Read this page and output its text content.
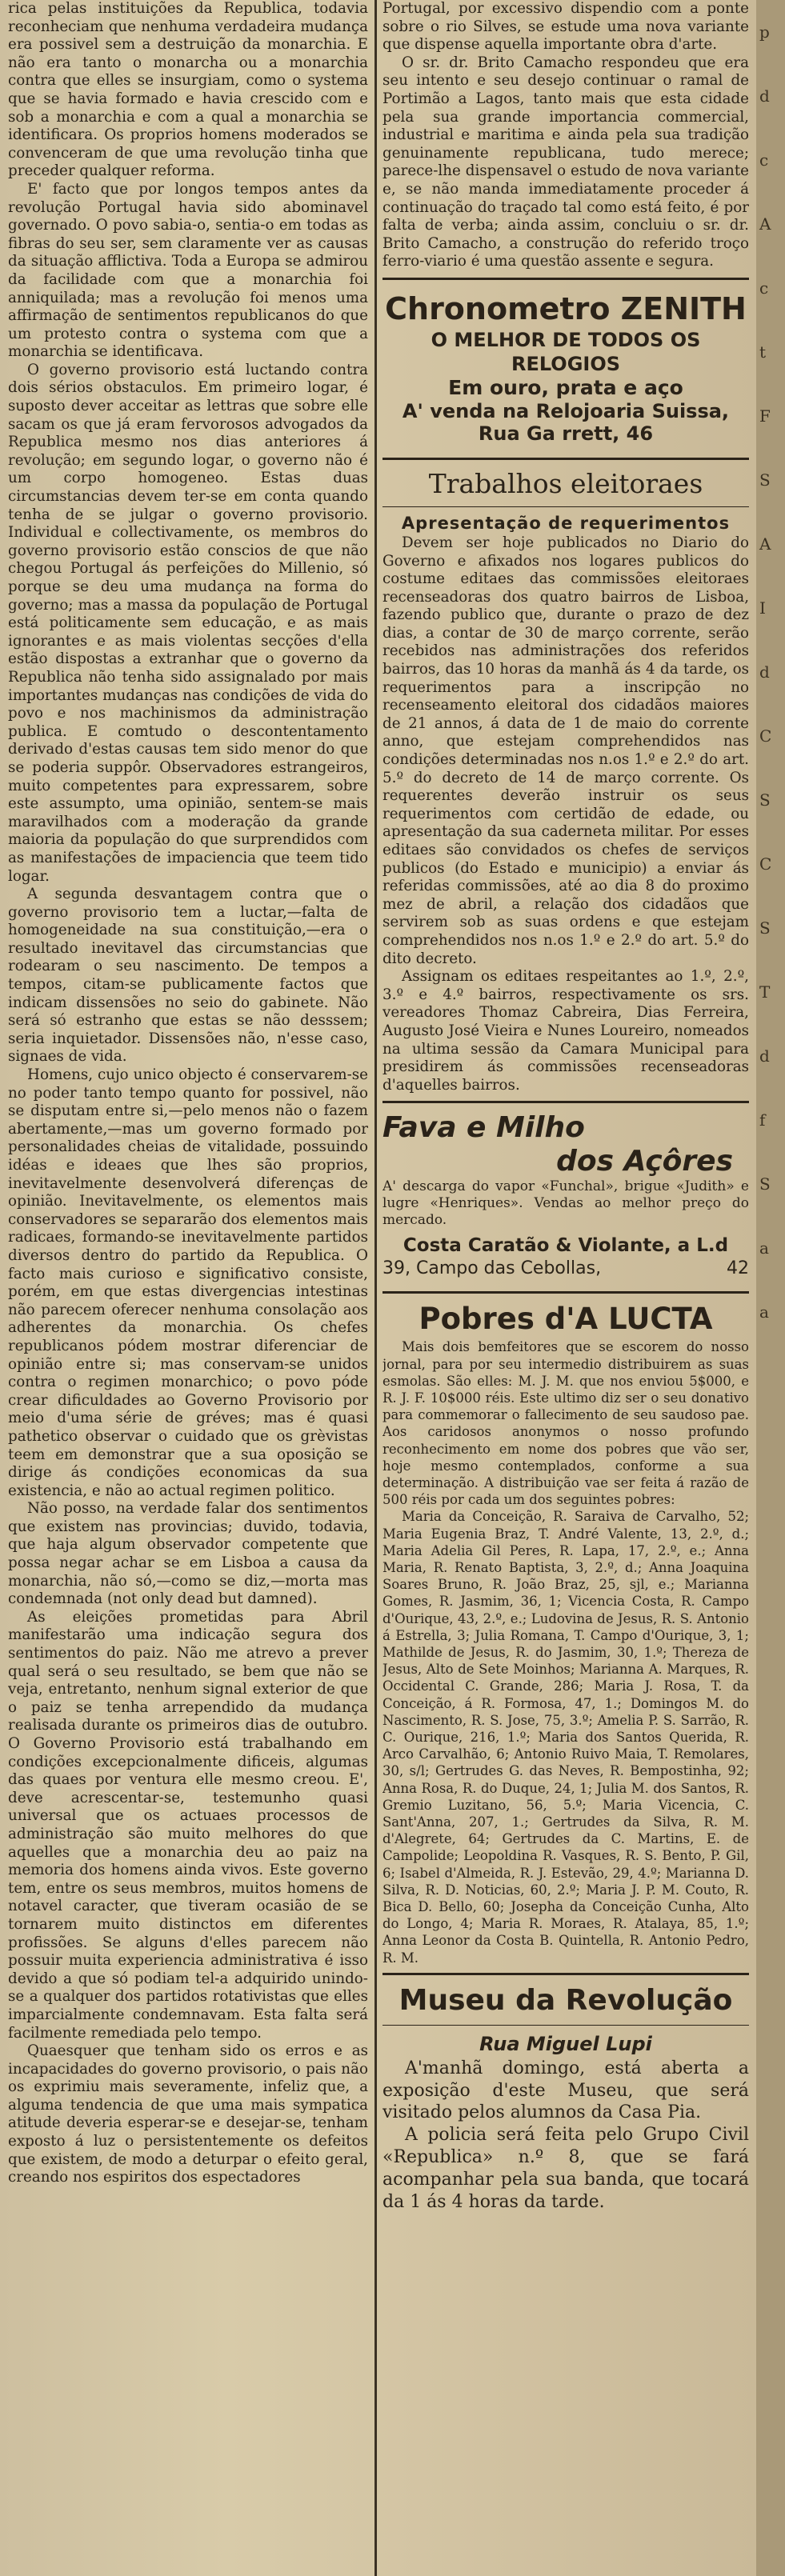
rica pelas instituições da Republica, todavia reconheciam que nenhuma verdadeira mudança era possivel sem a destruição da monarchia. E não era tanto o monarcha ou a monarchia contra que elles se insurgiam, como o systema que se havia formado e havia crescido com e sob a monarchia e com a qual a monarchia se identificara. Os proprios homens moderados se convenceram de que uma revolução tinha que preceder qualquer reforma.

E' facto que por longos tempos antes da revolução Portugal havia sido abominavel governado. O povo sabia-o, sentia-o em todas as fibras do seu ser, sem claramente ver as causas da situação afflictiva. Toda a Europa se admirou da facilidade com que a monarchia foi anniquilada; mas a revolução foi menos uma affirmação de sentimentos republicanos do que um protesto contra o systema com que a monarchia se identificava.

O governo provisorio está luctando contra dois sérios obstaculos. Em primeiro logar, é suposto dever acceitar as lettras que sobre elle sacam os que já eram fervorosos advogados da Republica mesmo nos dias anteriores á revolução; em segundo logar, o governo não é um corpo homogeneo. Estas duas circumstancias devem ter-se em conta quando tenha de se julgar o governo provisorio. Individual e collectivamente, os membros do governo provisorio estão conscios de que não chegou Portugal ás perfeições do Millenio, só porque se deu uma mudança na forma do governo; mas a massa da população de Portugal está politicamente sem educação, e as mais ignorantes e as mais violentas secções d'ella estão dispostas a extranhar que o governo da Republica não tenha sido assignalado por mais importantes mudanças nas condições de vida do povo e nos machinismos da administração publica. E comtudo o descontentamento derivado d'estas causas tem sido menor do que se poderia suppôr. Observadores estrangeiros, muito competentes para expressarem, sobre este assumpto, uma opinião, sentem-se mais maravilhados com a moderação da grande maioria da população do que surprendidos com as manifestações de impaciencia que teem tido logar.

A segunda desvantagem contra que o governo provisorio tem a luctar,—falta de homogeneidade na sua constituição,—era o resultado inevitavel das circumstancias que rodearam o seu nascimento. De tempos a tempos, citam-se publicamente factos que indicam dissensões no seio do gabinete. Não será só estranho que estas se não desssem; seria inquietador. Dissensões não, n'esse caso, signaes de vida.

Homens, cujo unico objecto é conservarem-se no poder tanto tempo quanto for possivel, não se disputam entre si,—pelo menos não o fazem abertamente,—mas um governo formado por personalidades cheias de vitalidade, possuindo idéas e ideaes que lhes são proprios, inevitavelmente desenvolverá diferenças de opinião. Inevitavelmente, os elementos mais conservadores se separarão dos elementos mais radicaes, formando-se inevitavelmente partidos diversos dentro do partido da Republica. O facto mais curioso e significativo consiste, porém, em que estas divergencias intestinas não parecem oferecer nenhuma consolação aos adherentes da monarchia. Os chefes republicanos pódem mostrar diferenciar de opinião entre si; mas conservam-se unidos contra o regimen monarchico; o povo póde crear dificuldades ao Governo Provisorio por meio d'uma série de gréves; mas é quasi pathetico observar o cuidado que os grèvistas teem em demonstrar que a sua oposição se dirige ás condições economicas da sua existencia, e não ao actual regimen politico.

Não posso, na verdade falar dos sentimentos que existem nas provincias; duvido, todavia, que haja algum observador competente que possa negar achar se em Lisboa a causa da monarchia, não só,—como se diz,—morta mas condemnada (not only dead but damned).

As eleições prometidas para Abril manifestarão uma indicação segura dos sentimentos do paiz. Não me atrevo a prever qual será o seu resultado, se bem que não se veja, entretanto, nenhum signal exterior de que o paiz se tenha arrependido da mudança realisada durante os primeiros dias de outubro. O Governo Provisorio está trabalhando em condições excepcionalmente dificeis, algumas das quaes por ventura elle mesmo creou. E', deve acrescentar-se, testemunho quasi universal que os actuaes processos de administração são muito melhores do que aquelles que a monarchia deu ao paiz na memoria dos homens ainda vivos. Este governo tem, entre os seus membros, muitos homens de notavel caracter, que tiveram ocasião de se tornarem muito distinctos em diferentes profissões. Se alguns d'elles parecem não possuir muita experiencia administrativa é isso devido a que só podiam tel-a adquirido unindo-se a qualquer dos partidos rotativistas que elles imparcialmente condemnavam. Esta falta será facilmente remediada pelo tempo.

Quaesquer que tenham sido os erros e as incapacidades do governo provisorio, o pais não os exprimiu mais severamente, infeliz que, a alguma tendencia de que uma mais sympatica atitude deveria esperar-se e desejar-se, tenham exposto á luz o persistentemente os defeitos que existem, de modo a deturpar o efeito geral, creando nos espiritos dos espectadores

Portugal, por excessivo dispendio com a ponte sobre o rio Silves, se estude uma nova variante que dispense aquella importante obra d'arte.

O sr. dr. Brito Camacho respondeu que era seu intento e seu desejo continuar o ramal de Portimão a Lagos, tanto mais que esta cidade pela sua grande importancia commercial, industrial e maritima e ainda pela sua tradição genuinamente republicana, tudo merece; parece-lhe dispensavel o estudo de nova variante e, se não manda immediatamente proceder á continuação do traçado tal como está feito, é por falta de verba; ainda assim, concluiu o sr. dr. Brito Camacho, a construção do referido troço ferro-viario é uma questão assente e segura.

Chronometro ZENITH
O MELHOR DE TODOS OS RELOGIOS
Em ouro, prata e aço
A' venda na Relojoaria Suissa,
Rua Ga rrett, 46
Trabalhos eleitoraes
Apresentação de requerimentos

Devem ser hoje publicados no Diario do Governo e afixados nos logares publicos do costume editaes das commissões eleitoraes recenseadoras dos quatro bairros de Lisboa, fazendo publico que, durante o prazo de dez dias, a contar de 30 de março corrente, serão recebidos nas administrações dos referidos bairros, das 10 horas da manhã ás 4 da tarde, os requerimentos para a inscripção no recenseamento eleitoral dos cidadãos maiores de 21 annos, á data de 1 de maio do corrente anno, que estejam comprehendidos nas condições determinadas nos n.os 1.º e 2.º do art. 5.º do decreto de 14 de março corrente. Os requerentes deverão instruir os seus requerimentos com certidão de edade, ou apresentação da sua caderneta militar. Por esses editaes são convidados os chefes de serviços publicos (do Estado e municipio) a enviar ás referidas commissões, até ao dia 8 do proximo mez de abril, a relação dos cidadãos que servirem sob as suas ordens e que estejam comprehendidos nos n.os 1.º e 2.º do art. 5.º do dito decreto.

Assignam os editaes respeitantes ao 1.º, 2.º, 3.º e 4.º bairros, respectivamente os srs. vereadores Thomaz Cabreira, Dias Ferreira, Augusto José Vieira e Nunes Loureiro, nomeados na ultima sessão da Camara Municipal para presidirem ás commissões recenseadoras d'aquelles bairros.

Fava e Milho
dos Açôres
A' descarga do vapor «Funchal», brigue «Judith» e lugre «Henriques». Vendas ao melhor preço do mercado.
Costa Caratão & Violante, a L.d
39, Campo das Cebollas,	42
Pobres d'A LUCTA

Mais dois bemfeitores que se escorem do nosso jornal, para por seu intermedio distribuirem as suas esmolas. São elles: M. J. M. que nos enviou 5$000, e R. J. F. 10$000 réis. Este ultimo diz ser o seu donativo para commemorar o fallecimento de seu saudoso pae. Aos caridosos anonymos o nosso profundo reconhecimento em nome dos pobres que vão ser, hoje mesmo contemplados, conforme a sua determinação. A distribuição vae ser feita á razão de 500 réis por cada um dos seguintes pobres:

Maria da Conceição, R. Saraiva de Carvalho, 52; Maria Eugenia Braz, T. André Valente, 13, 2.º, d.; Maria Adelia Gil Peres, R. Lapa, 17, 2.º, e.; Anna Maria, R. Renato Baptista, 3, 2.º, d.; Anna Joaquina Soares Bruno, R. João Braz, 25, sjl, e.; Marianna Gomes, R. Jasmim, 36, 1; Vicencia Costa, R. Campo d'Ourique, 43, 2.º, e.; Ludovina de Jesus, R. S. Antonio á Estrella, 3; Julia Romana, T. Campo d'Ourique, 3, 1; Mathilde de Jesus, R. do Jasmim, 30, 1.º; Thereza de Jesus, Alto de Sete Moinhos; Marianna A. Marques, R. Occidental C. Grande, 286; Maria J. Rosa, T. da Conceição, á R. Formosa, 47, 1.; Domingos M. do Nascimento, R. S. Jose, 75, 3.º; Amelia P. S. Sarrão, R. C. Ourique, 216, 1.º; Maria dos Santos Querida, R. Arco Carvalhão, 6; Antonio Ruivo Maia, T. Remolares, 30, s/l; Gertrudes G. das Neves, R. Bempostinha, 92; Anna Rosa, R. do Duque, 24, 1; Julia M. dos Santos, R. Gremio Luzitano, 56, 5.º; Maria Vicencia, C. Sant'Anna, 207, 1.; Gertrudes da Silva, R. M. d'Alegrete, 64; Gertrudes da C. Martins, E. de Campolide; Leopoldina R. Vasques, R. S. Bento, P. Gil, 6; Isabel d'Almeida, R. J. Estevão, 29, 4.º; Marianna D. Silva, R. D. Noticias, 60, 2.º; Maria J. P. M. Couto, R. Bica D. Bello, 60; Josepha da Conceição Cunha, Alto do Longo, 4; Maria R. Moraes, R. Atalaya, 85, 1.º; Anna Leonor da Costa B. Quintella, R. Antonio Pedro, R. M.

Museu da Revolução
Rua Miguel Lupi

A'manhã domingo, está aberta a exposição d'este Museu, que será visitado pelos alumnos da Casa Pia.

A policia será feita pelo Grupo Civil «Republica» n.º 8, que se fará acompanhar pela sua banda, que tocará da 1 ás 4 horas da tarde.

p
d
c
A
c
t
F
S
A
I
d
C
S
C
S
T
d
f
S
a
a
